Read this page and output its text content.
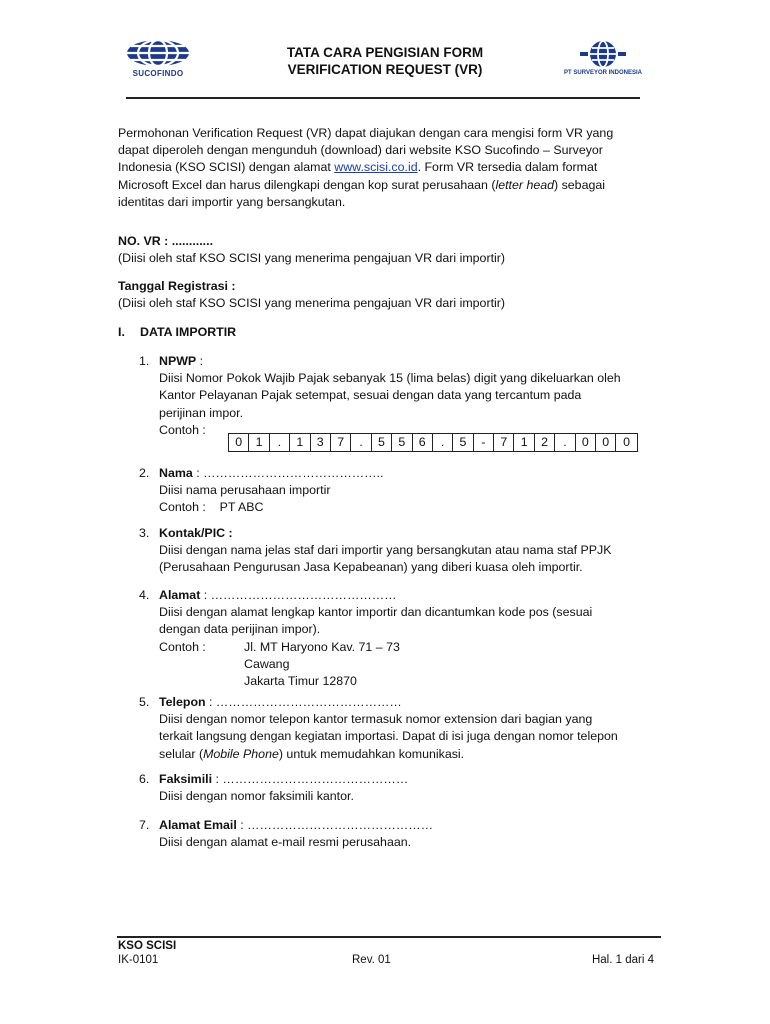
SUCOFINDO
TATA CARA PENGISIAN FORM
VERIFICATION REQUEST (VR)	PT SURVEYOR INDONESIA
Permohonan Verification Request (VR) dapat diajukan dengan cara mengisi form VR yang
dapat diperoleh dengan mengunduh (download) dari website KSO Sucofindo – Surveyor
Indonesia (KSO SCISI) dengan alamat www.scisi.co.id. Form VR tersedia dalam format
Microsoft Excel dan harus dilengkapi dengan kop surat perusahaan (letter head) sebagai
identitas dari importir yang bersangkutan.
NO. VR : ............
(Diisi oleh staf KSO SCISI yang menerima pengajuan VR dari importir)
Tanggal Registrasi :
(Diisi oleh staf KSO SCISI yang menerima pengajuan VR dari importir)
I. DATA IMPORTIR
1. NPWP :
Diisi Nomor Pokok Wajib Pajak sebanyak 15 (lima belas) digit yang dikeluarkan oleh
Kantor Pelayanan Pajak setempat, sesuai dengan data yang tercantum pada
perijinan impor.
Contoh :
0	1	.	1	3	7	.	5	5	6	.	5	-	7	1	2	.	0	0	0
2. Nama : ……………………………………..
Diisi nama perusahaan importir
Contoh :    PT ABC
3. Kontak/PIC :
Diisi dengan nama jelas staf dari importir yang bersangkutan atau nama staf PPJK
(Perusahaan Pengurusan Jasa Kepabeanan) yang diberi kuasa oleh importir.
4. Alamat : ………………………………………
Diisi dengan alamat lengkap kantor importir dan dicantumkan kode pos (sesuai
dengan data perijinan impor).
Contoh :	Jl. MT Haryono Kav. 71 – 73
Cawang
Jakarta Timur 12870
5. Telepon : ………………………………………
Diisi dengan nomor telepon kantor termasuk nomor extension dari bagian yang
terkait langsung dengan kegiatan importasi. Dapat di isi juga dengan nomor telepon
selular (Mobile Phone) untuk memudahkan komunikasi.
6. Faksimili : ………………………………………
Diisi dengan nomor faksimili kantor.
7. Alamat Email : ………………………………………
Diisi dengan alamat e-mail resmi perusahaan.
KSO SCISI
IK-0101	Rev. 01	Hal. 1 dari 4
